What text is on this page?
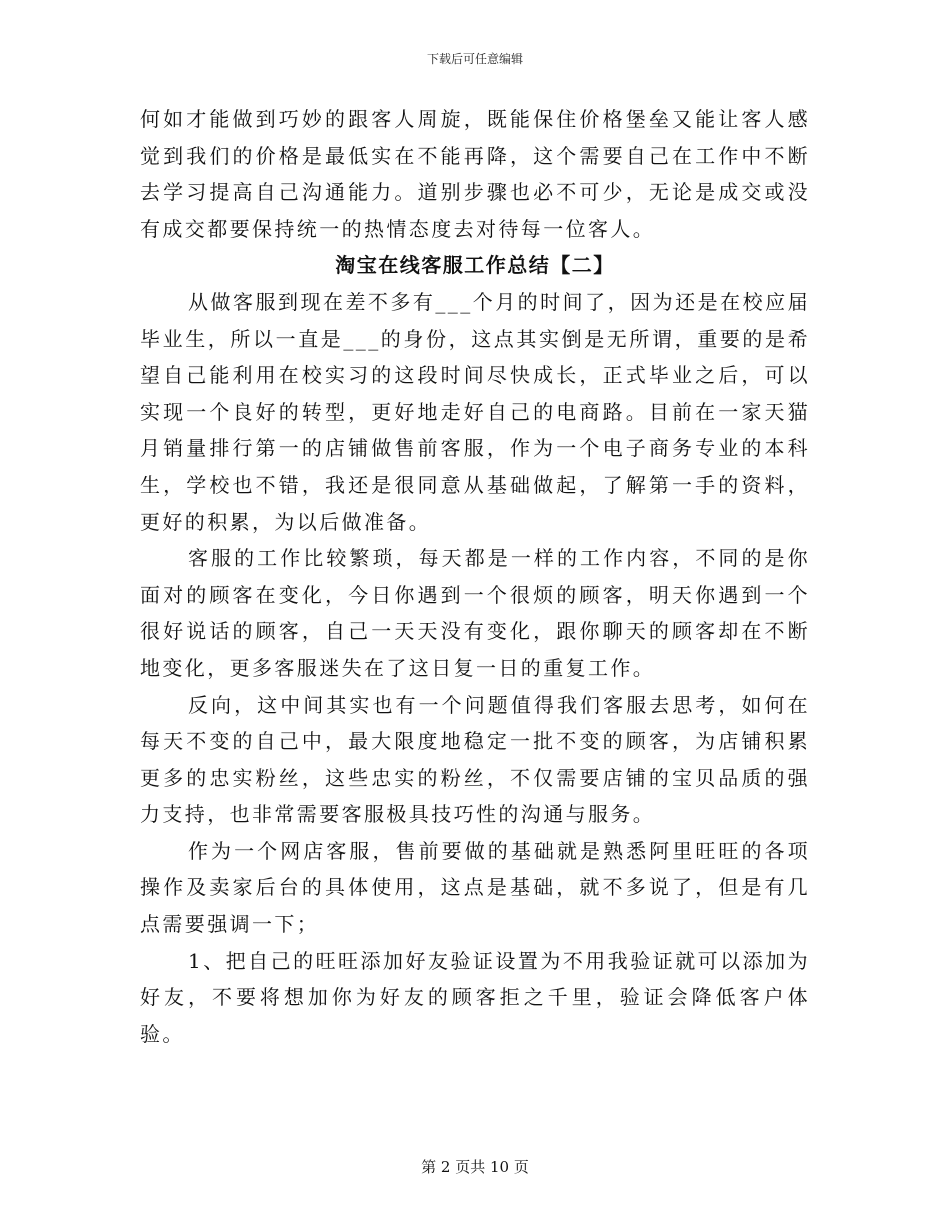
下载后可任意编辑

何如才能做到巧妙的跟客人周旋，既能保住价格堡垒又能让客人感觉到我们的价格是最低实在不能再降，这个需要自己在工作中不断去学习提高自己沟通能力。道别步骤也必不可少，无论是成交或没有成交都要保持统一的热情态度去对待每一位客人。

淘宝在线客服工作总结【二】

从做客服到现在差不多有___个月的时间了，因为还是在校应届毕业生，所以一直是___的身份，这点其实倒是无所谓，重要的是希望自己能利用在校实习的这段时间尽快成长，正式毕业之后，可以实现一个良好的转型，更好地走好自己的电商路。目前在一家天猫月销量排行第一的店铺做售前客服，作为一个电子商务专业的本科生，学校也不错，我还是很同意从基础做起，了解第一手的资料，更好的积累，为以后做准备。

客服的工作比较繁琐，每天都是一样的工作内容，不同的是你面对的顾客在变化，今日你遇到一个很烦的顾客，明天你遇到一个很好说话的顾客，自己一天天没有变化，跟你聊天的顾客却在不断地变化，更多客服迷失在了这日复一日的重复工作。

反向，这中间其实也有一个问题值得我们客服去思考，如何在每天不变的自己中，最大限度地稳定一批不变的顾客，为店铺积累更多的忠实粉丝，这些忠实的粉丝，不仅需要店铺的宝贝品质的强力支持，也非常需要客服极具技巧性的沟通与服务。

作为一个网店客服，售前要做的基础就是熟悉阿里旺旺的各项操作及卖家后台的具体使用，这点是基础，就不多说了，但是有几点需要强调一下；

1、把自己的旺旺添加好友验证设置为不用我验证就可以添加为好友，不要将想加你为好友的顾客拒之千里，验证会降低客户体验。

第 2 页共 10 页
